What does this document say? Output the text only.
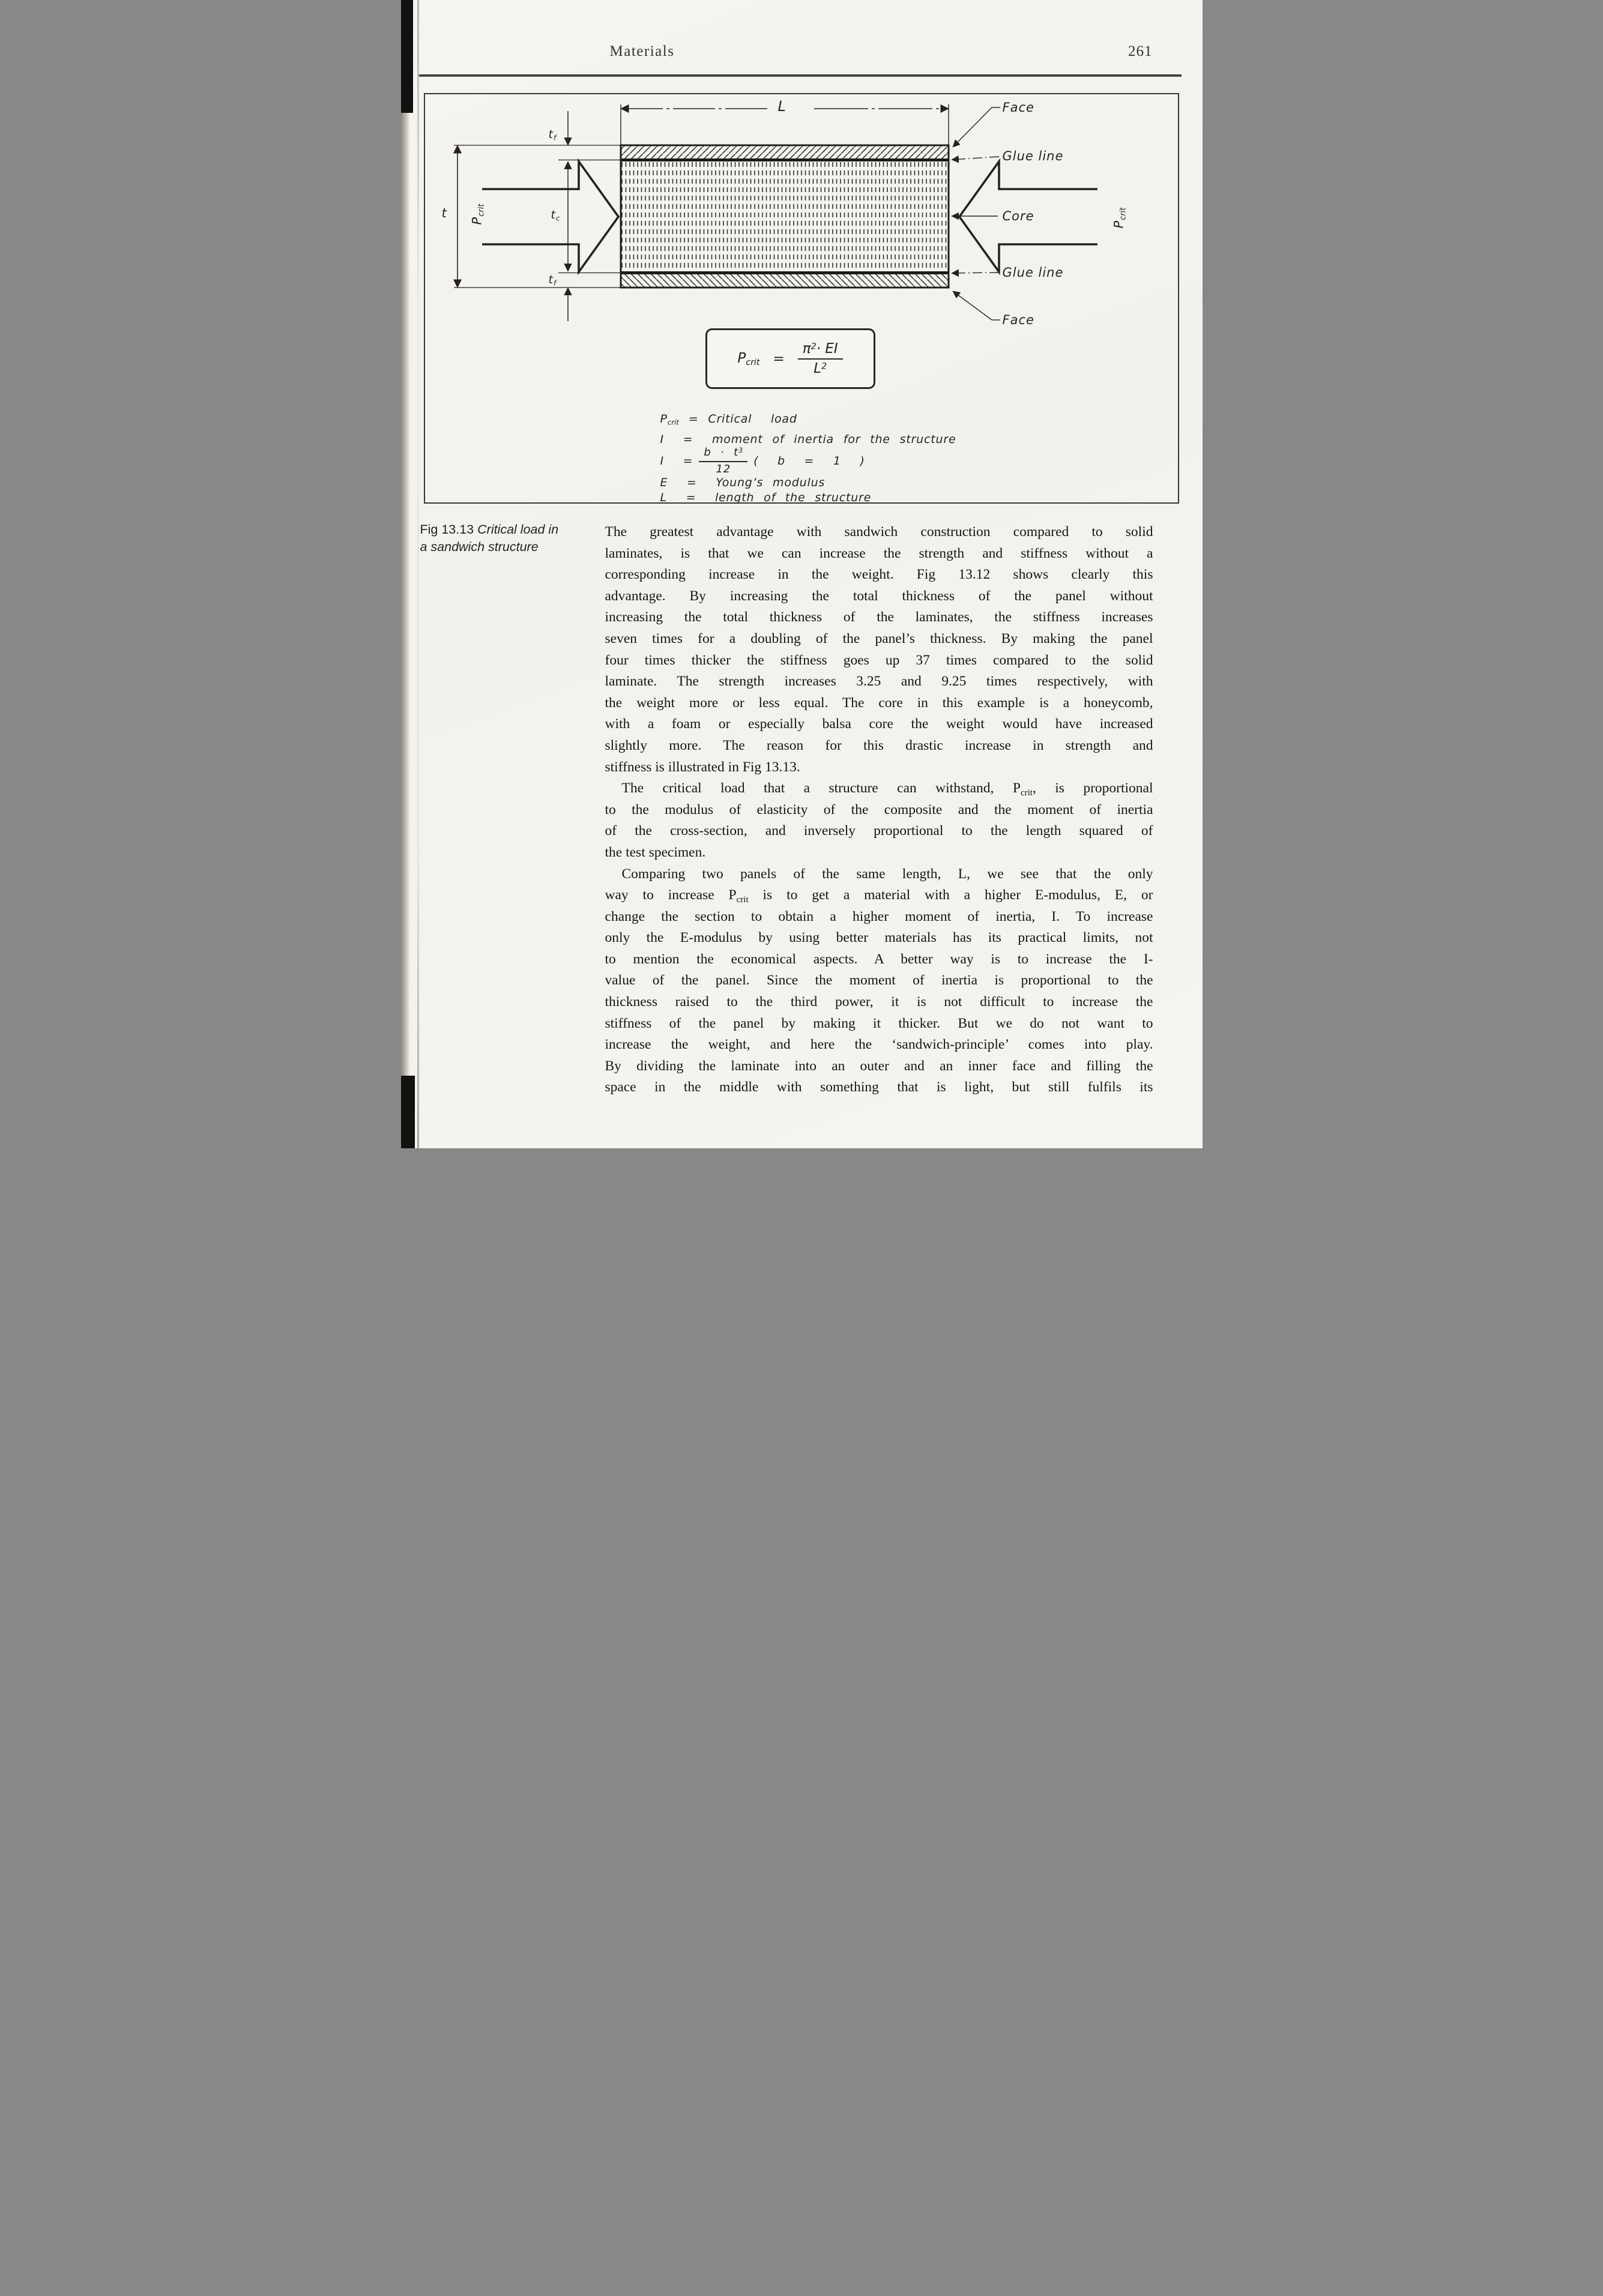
Materials	261
L
$t_f$
$t_c$
$t_f$
t
$P_{crit}$
$P_{crit}$
Face
Glue line
Core
Glue line
Face
$P_{crit} = \frac{\pi^2\cdot EI}{L^2}$
$P_{crit}$ = Critical  load
I  =  moment of inertia for the structure
$I = \frac{b \cdot t^3}{12}$ (  b  =  1  )
E  =  Young’s modulus
L  =  length of the structure
Fig 13.13 Critical load in
a sandwich structure
The greatest advantage with sandwich construction compared to solid
laminates, is that we can increase the strength and stiffness without a
corresponding increase in the weight. Fig 13.12 shows clearly this
advantage. By increasing the total thickness of the panel without
increasing the total thickness of the laminates, the stiffness increases
seven times for a doubling of the panel’s thickness. By making the panel
four times thicker the stiffness goes up 37 times compared to the solid
laminate. The strength increases 3.25 and 9.25 times respectively, with
the weight more or less equal. The core in this example is a honeycomb,
with a foam or especially balsa core the weight would have increased
slightly more. The reason for this drastic increase in strength and
stiffness is illustrated in Fig 13.13.
The critical load that a structure can withstand, $P_{crit}$, is proportional
to the modulus of elasticity of the composite and the moment of inertia
of the cross-section, and inversely proportional to the length squared of
the test specimen.
Comparing two panels of the same length, L, we see that the only
way to increase $P_{crit}$ is to get a material with a higher E-modulus, E, or
change the section to obtain a higher moment of inertia, I. To increase
only the E-modulus by using better materials has its practical limits, not
to mention the economical aspects. A better way is to increase the I-
value of the panel. Since the moment of inertia is proportional to the
thickness raised to the third power, it is not difficult to increase the
stiffness of the panel by making it thicker. But we do not want to
increase the weight, and here the ‘sandwich-principle’ comes into play.
By dividing the laminate into an outer and an inner face and filling the
space in the middle with something that is light, but still fulfils its
